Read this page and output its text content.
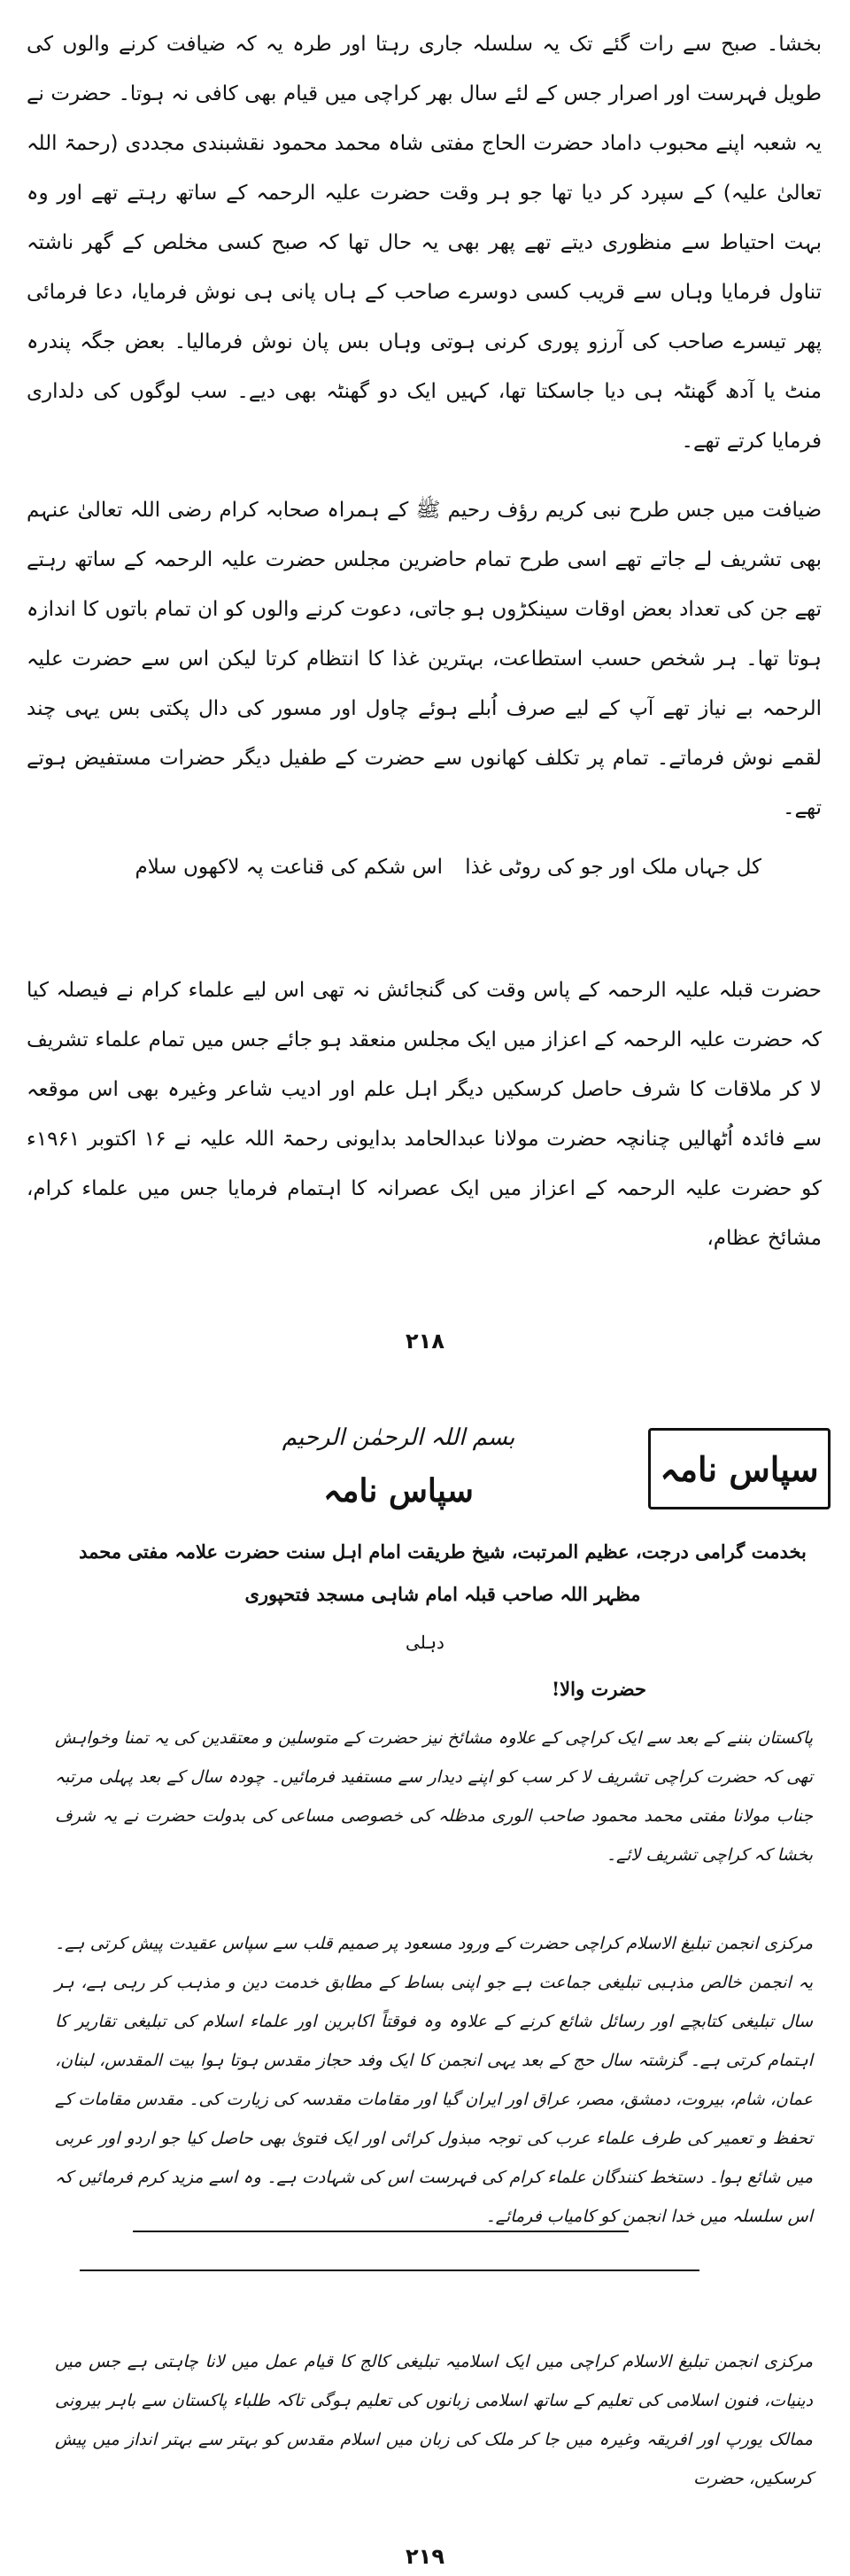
بخشا۔ صبح سے رات گئے تک یہ سلسلہ جاری رہتا اور طرہ یہ کہ ضیافت کرنے والوں کی طویل فہرست اور اصرار جس کے لئے سال بھر کراچی میں قیام بھی کافی نہ ہوتا۔ حضرت نے یہ شعبہ اپنے محبوب داماد حضرت الحاج مفتی شاہ محمد محمود نقشبندی مجددی (رحمۃ اللہ تعالیٰ علیہ) کے سپرد کر دیا تھا جو ہر وقت حضرت علیہ الرحمہ کے ساتھ رہتے تھے اور وہ بہت احتیاط سے منظوری دیتے تھے پھر بھی یہ حال تھا کہ صبح کسی مخلص کے گھر ناشتہ تناول فرمایا وہاں سے قریب کسی دوسرے صاحب کے ہاں پانی ہی نوش فرمایا، دعا فرمائی پھر تیسرے صاحب کی آرزو پوری کرنی ہوتی وہاں بس پان نوش فرمالیا۔ بعض جگہ پندرہ منٹ یا آدھ گھنٹہ ہی دیا جاسکتا تھا، کہیں ایک دو گھنٹہ بھی دیے۔ سب لوگوں کی دلداری فرمایا کرتے تھے۔

ضیافت میں جس طرح نبی کریم رؤف رحیم ﷺ کے ہمراہ صحابہ کرام رضی اللہ تعالیٰ عنہم بھی تشریف لے جاتے تھے اسی طرح تمام حاضرین مجلس حضرت علیہ الرحمہ کے ساتھ رہتے تھے جن کی تعداد بعض اوقات سینکڑوں ہو جاتی، دعوت کرنے والوں کو ان تمام باتوں کا اندازہ ہوتا تھا۔ ہر شخص حسب استطاعت، بہترین غذا کا انتظام کرتا لیکن اس سے حضرت علیہ الرحمہ بے نیاز تھے آپ کے لیے صرف اُبلے ہوئے چاول اور مسور کی دال پکتی بس یہی چند لقمے نوش فرماتے۔ تمام پر تکلف کھانوں سے حضرت کے طفیل دیگر حضرات مستفیض ہوتے تھے۔

کل جہاں ملک اور جو کی روٹی غذا
اس شکم کی قناعت پہ لاکھوں سلام

حضرت قبلہ علیہ الرحمہ کے پاس وقت کی گنجائش نہ تھی اس لیے علماء کرام نے فیصلہ کیا کہ حضرت علیہ الرحمہ کے اعزاز میں ایک مجلس منعقد ہو جائے جس میں تمام علماء تشریف لا کر ملاقات کا شرف حاصل کرسکیں دیگر اہل علم اور ادیب شاعر وغیرہ بھی اس موقعہ سے فائدہ اُٹھالیں چنانچہ حضرت مولانا عبدالحامد بدایونی رحمۃ اللہ علیہ نے ۱۶ اکتوبر ۱۹۶۱ء کو حضرت علیہ الرحمہ کے اعزاز میں ایک عصرانہ کا اہتمام فرمایا جس میں علماء کرام، مشائخ عظام،

۲۱۸
سپاس نامہ
بسم اللہ الرحمٰن الرحیم
سپاس نامہ
بخدمت گرامی درجت، عظیم المرتبت، شیخ طریقت امام اہل سنت حضرت علامہ مفتی محمد مظہر اللہ صاحب قبلہ امام شاہی مسجد فتحپوری
دہلی
حضرت والا!

پاکستان بننے کے بعد سے ایک کراچی کے علاوہ مشائخ نیز حضرت کے متوسلین و معتقدین کی یہ تمنا وخواہش تھی کہ حضرت کراچی تشریف لا کر سب کو اپنے دیدار سے مستفید فرمائیں۔ چودہ سال کے بعد پہلی مرتبہ جناب مولانا مفتی محمد محمود صاحب الوری مدظلہ کی خصوصی مساعی کی بدولت حضرت نے یہ شرف بخشا کہ کراچی تشریف لائے۔

مرکزی انجمن تبلیغ الاسلام کراچی حضرت کے ورود مسعود پر صمیم قلب سے سپاس عقیدت پیش کرتی ہے۔ یہ انجمن خالص مذہبی تبلیغی جماعت ہے جو اپنی بساط کے مطابق خدمت دین و مذہب کر رہی ہے، ہر سال تبلیغی کتابچے اور رسائل شائع کرنے کے علاوہ وہ فوقتاً اکابرین اور علماء اسلام کی تبلیغی تقاریر کا اہتمام کرتی ہے۔ گزشتہ سال حج کے بعد یہی انجمن کا ایک وفد حجاز مقدس ہوتا ہوا بیت المقدس، لبنان، عمان، شام، بیروت، دمشق، مصر، عراق اور ایران گیا اور مقامات مقدسہ کی زیارت کی۔ مقدس مقامات کے تحفظ و تعمیر کی طرف علماء عرب کی توجہ مبذول کرائی اور ایک فتویٰ بھی حاصل کیا جو اردو اور عربی میں شائع ہوا۔ دستخط کنندگان علماء کرام کی فہرست اس کی شہادت ہے۔ وہ اسے مزید کرم فرمائیں کہ اس سلسلہ میں خدا انجمن کو کامیاب فرمائے۔

مرکزی انجمن تبلیغ الاسلام کراچی میں ایک اسلامیہ تبلیغی کالج کا قیام عمل میں لانا چاہتی ہے جس میں دینیات، فنون اسلامی کی تعلیم کے ساتھ اسلامی زبانوں کی تعلیم ہوگی تاکہ طلباء پاکستان سے باہر بیرونی ممالک یورپ اور افریقہ وغیرہ میں جا کر ملک کی زبان میں اسلام مقدس کو بہتر سے بہتر انداز میں پیش کرسکیں، حضرت

۲۱۹
